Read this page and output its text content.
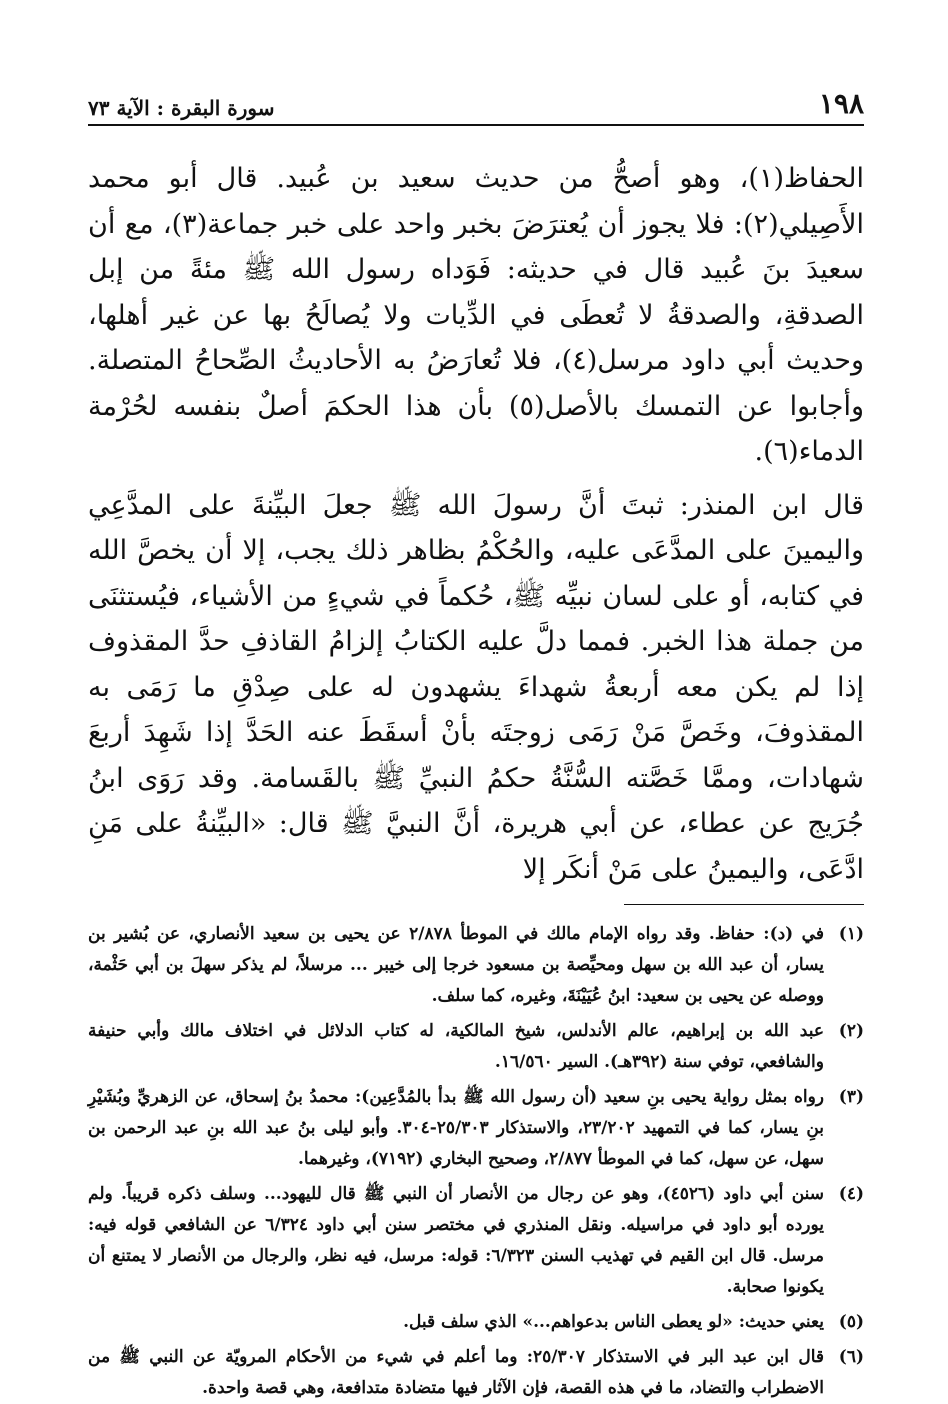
١٩٨
سورة البقرة : الآية ٧٣

الحفاظ(١)، وهو أصحُّ من حديث سعيد بن عُبيد. قال أبو محمد الأَصِيلي(٢): فلا يجوز أن يُعترَضَ بخبر واحد على خبر جماعة(٣)، مع أن سعيدَ بنَ عُبيد قال في حديثه: فَوَداه رسول الله ﷺ مئةً من إبل الصدقةِ، والصدقةُ لا تُعطَى في الدِّيات ولا يُصالَحُ بها عن غير أهلها، وحديث أبي داود مرسل(٤)، فلا تُعارَضُ به الأحاديثُ الصِّحاحُ المتصلة. وأجابوا عن التمسك بالأصل(٥) بأن هذا الحكمَ أصلٌ بنفسه لحُرْمة الدماء(٦).

قال ابن المنذر: ثبتَ أنَّ رسولَ الله ﷺ جعلَ البيِّنةَ على المدَّعِي واليمينَ على المدَّعَى عليه، والحُكْمُ بظاهر ذلك يجب، إلا أن يخصَّ الله في كتابه، أو على لسان نبيِّه ﷺ، حُكماً في شيءٍ من الأشياء، فيُستثنَى من جملة هذا الخبر. فمما دلَّ عليه الكتابُ إلزامُ القاذفِ حدَّ المقذوف إذا لم يكن معه أربعةُ شهداءَ يشهدون له على صِدْقِ ما رَمَى به المقذوفَ، وخَصَّ مَنْ رَمَى زوجتَه بأنْ أسقَطَ عنه الحَدَّ إذا شَهِدَ أربعَ شهادات، وممَّا خَصَّته السُّنَّةُ حكمُ النبيِّ ﷺ بالقَسامة. وقد رَوَى ابنُ جُرَيج عن عطاء، عن أبي هريرة، أنَّ النبيَّ ﷺ قال: «البيِّنةُ على مَنِ ادَّعَى، واليمينُ على مَنْ أنكَر إلا

(١)
في (د): حفاظ. وقد رواه الإمام مالك في الموطأ ٢/٨٧٨ عن يحيى بن سعيد الأنصاري، عن بُشير بن يسار، أن عبد الله بن سهل ومحيِّصة بن مسعود خرجا إلى خيبر ... مرسلاً، لم يذكر سهلَ بن أبي حَثْمة، ووصله عن يحيى بن سعيد: ابنُ عُيَيْنَةَ، وغيره، كما سلف.
(٢)
عبد الله بن إبراهيم، عالم الأندلس، شيخ المالكية، له كتاب الدلائل في اختلاف مالك وأبي حنيفة والشافعي، توفي سنة (٣٩٢هـ). السير ١٦/٥٦٠.
(٣)
رواه بمثل رواية يحيى بنِ سعيد (أن رسول الله ﷺ بدأ بالمُدَّعِين): محمدُ بنُ إسحاق، عن الزهريِّ وبُشَيْرِ بنِ يسار، كما في التمهيد ٢٣/٢٠٢، والاستذكار ٢٥/٣٠٣-٣٠٤. وأبو ليلى بنُ عبد الله بنِ عبد الرحمن بن سهل، عن سهل، كما في الموطأ ٢/٨٧٧، وصحيح البخاري (٧١٩٢)، وغيرهما.
(٤)
سنن أبي داود (٤٥٢٦)، وهو عن رجال من الأنصار أن النبي ﷺ قال لليهود... وسلف ذكره قريباً. ولم يورده أبو داود في مراسيله. ونقل المنذري في مختصر سنن أبي داود ٦/٣٢٤ عن الشافعي قوله فيه: مرسل. قال ابن القيم في تهذيب السنن ٦/٣٢٣: قوله: مرسل، فيه نظر، والرجال من الأنصار لا يمتنع أن يكونوا صحابة.
(٥)
يعني حديث: «لو يعطى الناس بدعواهم...» الذي سلف قبل.
(٦)
قال ابن عبد البر في الاستذكار ٢٥/٣٠٧: وما أعلم في شيء من الأحكام المرويّة عن النبي ﷺ من الاضطراب والتضاد، ما في هذه القصة، فإن الآثار فيها متضادة متدافعة، وهي قصة واحدة.
